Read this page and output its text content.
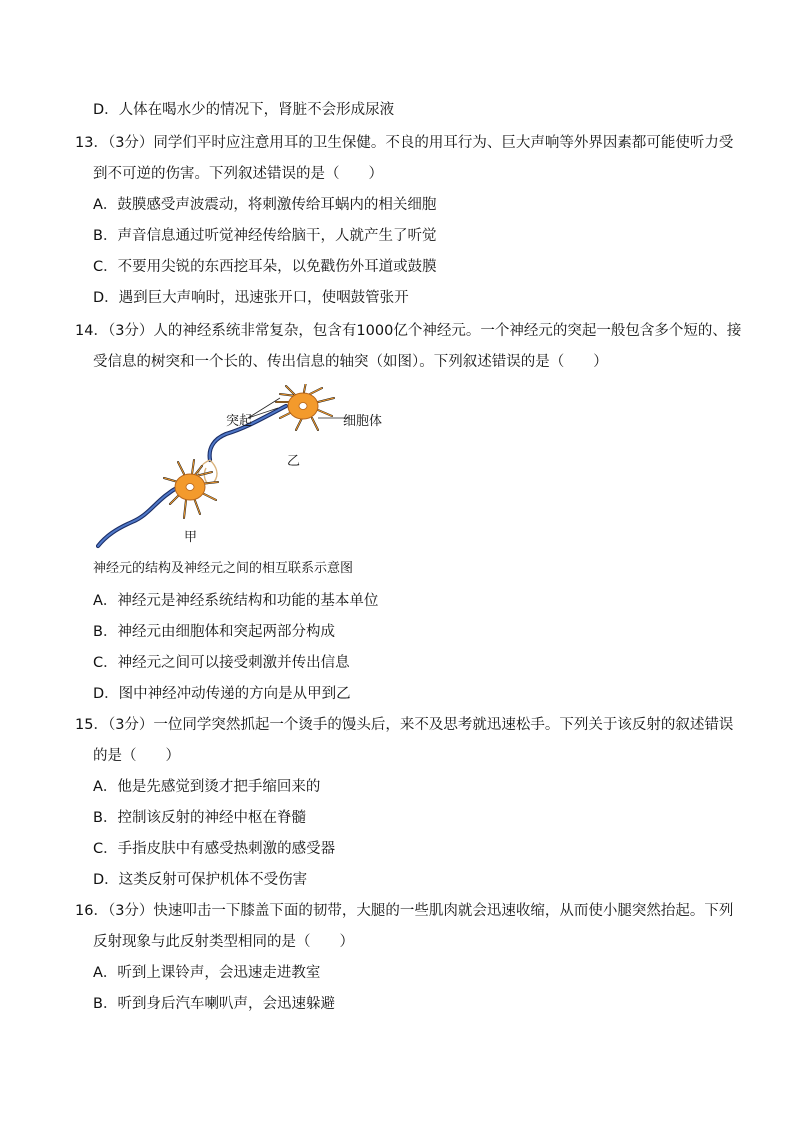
D．人体在喝水少的情况下，肾脏不会形成尿液
13．（3分）同学们平时应注意用耳的卫生保健。不良的用耳行为、巨大声响等外界因素都可能使听力受
到不可逆的伤害。下列叙述错误的是（　　）
A．鼓膜感受声波震动，将刺激传给耳蜗内的相关细胞
B．声音信息通过听觉神经传给脑干，人就产生了听觉
C．不要用尖锐的东西挖耳朵，以免戳伤外耳道或鼓膜
D．遇到巨大声响时，迅速张开口，使咽鼓管张开
14．（3分）人的神经系统非常复杂，包含有1000亿个神经元。一个神经元的突起一般包含多个短的、接
受信息的树突和一个长的、传出信息的轴突（如图）。下列叙述错误的是（　　）
突起	细胞体
乙
甲
神经元的结构及神经元之间的相互联系示意图
A．神经元是神经系统结构和功能的基本单位
B．神经元由细胞体和突起两部分构成
C．神经元之间可以接受刺激并传出信息
D．图中神经冲动传递的方向是从甲到乙
15．（3分）一位同学突然抓起一个烫手的馒头后，来不及思考就迅速松手。下列关于该反射的叙述错误
的是（　　）
A．他是先感觉到烫才把手缩回来的
B．控制该反射的神经中枢在脊髓
C．手指皮肤中有感受热刺激的感受器
D．这类反射可保护机体不受伤害
16．（3分）快速叩击一下膝盖下面的韧带，大腿的一些肌肉就会迅速收缩，从而使小腿突然抬起。下列
反射现象与此反射类型相同的是（　　）
A．听到上课铃声，会迅速走进教室
B．听到身后汽车喇叭声，会迅速躲避
